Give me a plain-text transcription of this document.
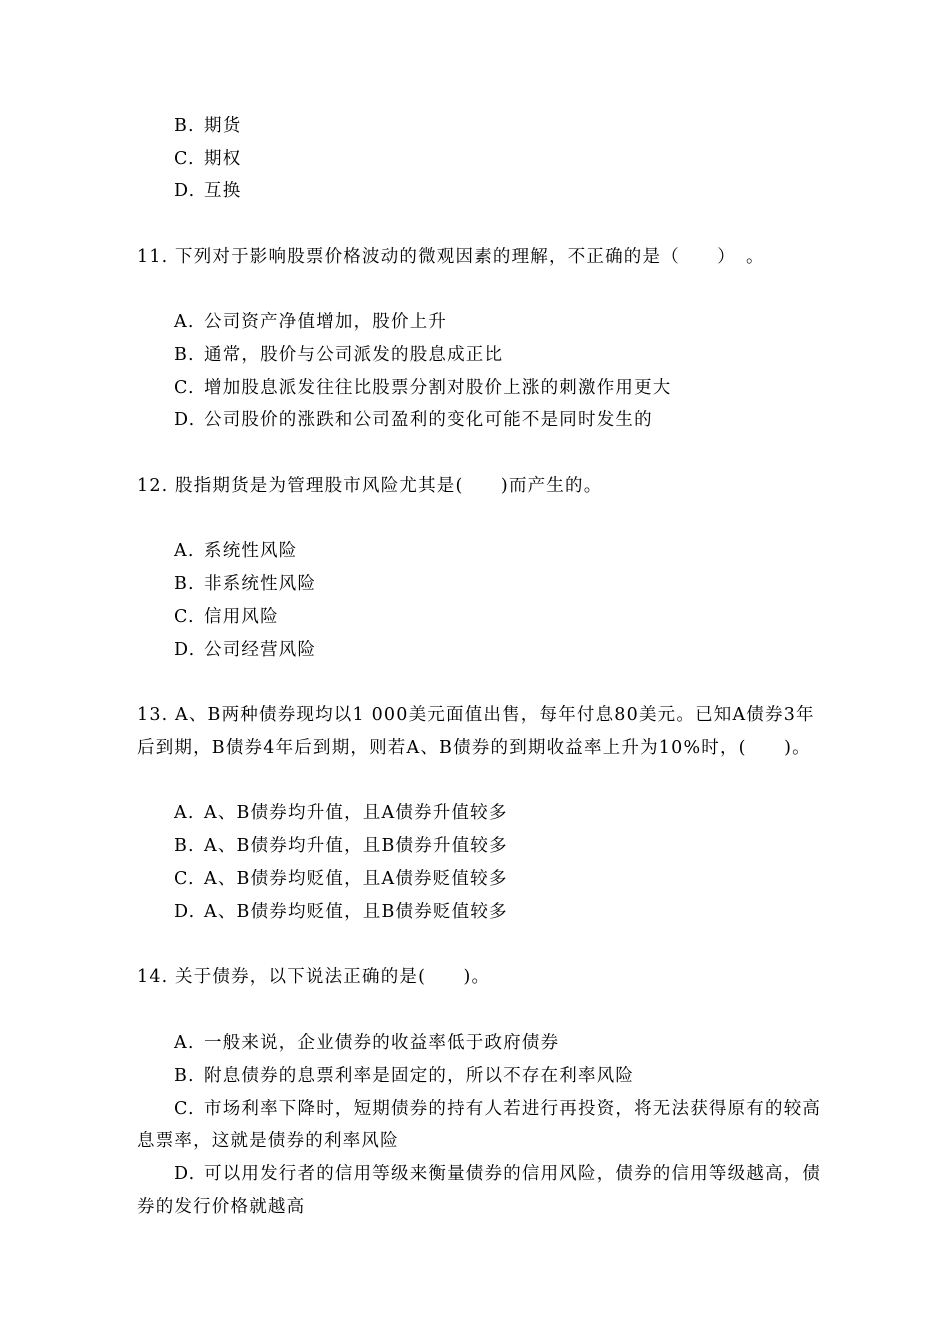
B. 期货
C. 期权
D. 互换
11. 下列对于影响股票价格波动的微观因素的理解，不正确的是（　　）　。
A. 公司资产净值增加，股价上升
B. 通常，股价与公司派发的股息成正比
C. 增加股息派发往往比股票分割对股价上涨的刺激作用更大
D. 公司股价的涨跌和公司盈利的变化可能不是同时发生的
12. 股指期货是为管理股市风险尤其是(　　)而产生的。
A. 系统性风险
B. 非系统性风险
C. 信用风险
D. 公司经营风险
13. A、B两种债券现均以1 000美元面值出售，每年付息80美元。已知A债券3年
后到期，B债券4年后到期，则若A、B债券的到期收益率上升为10%时，(　　)。
A. A、B债券均升值，且A债券升值较多
B. A、B债券均升值，且B债券升值较多
C. A、B债券均贬值，且A债券贬值较多
D. A、B债券均贬值，且B债券贬值较多
14. 关于债券，以下说法正确的是(　　)。
A. 一般来说，企业债券的收益率低于政府债券
B. 附息债券的息票利率是固定的，所以不存在利率风险
C. 市场利率下降时，短期债券的持有人若进行再投资，将无法获得原有的较高
息票率，这就是债券的利率风险
D. 可以用发行者的信用等级来衡量债券的信用风险，债券的信用等级越高，债
券的发行价格就越高
